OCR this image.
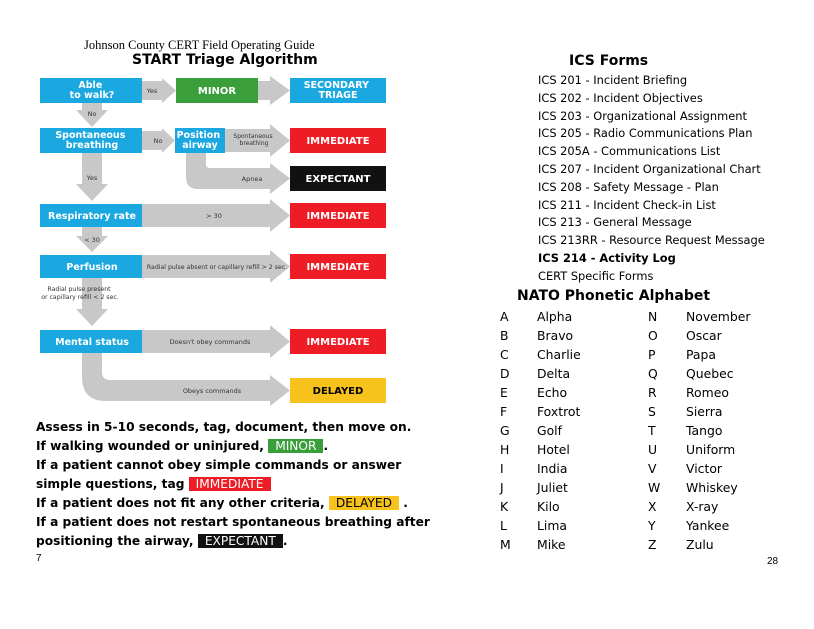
Johnson County CERT Field Operating Guide
START Triage Algorithm
Able to walk?
Spontaneous breathing
Position airway
Respiratory rate
Perfusion
Mental status
MINOR
SECONDARY TRIAGE
IMMEDIATE
EXPECTANT
IMMEDIATE
IMMEDIATE
IMMEDIATE
DELAYED
Yes
No
No
Spontaneous breathing
Yes	Apnea
> 30
< 30
Radial pulse absent or capillary refill > 2 sec.
Radial pulse present or capillary refill < 2 sec.
Doesn't obey commands
Obeys commands
Assess in 5-10 seconds, tag, document, then move on.
If walking wounded or uninjured, MINOR .
If a patient cannot obey simple commands or answer
simple questions, tag IMMEDIATE
If a patient does not fit any other criteria, DELAYED .
If a patient does not restart spontaneous breathing after
positioning the airway, EXPECTANT .
7
ICS Forms
ICS 201 - Incident Briefing
ICS 202 - Incident Objectives
ICS 203 - Organizational Assignment
ICS 205 - Radio Communications Plan
ICS 205A - Communications List
ICS 207 - Incident Organizational Chart
ICS 208 - Safety Message - Plan
ICS 211 - Incident Check-in List
ICS 213 - General Message
ICS 213RR - Resource Request Message
ICS 214 - Activity Log
CERT Specific Forms
NATO Phonetic Alphabet
A
B
C
D
E
F
G
H
I
J
K
L
M
Alpha
Bravo
Charlie
Delta
Echo
Foxtrot
Golf
Hotel
India
Juliet
Kilo
Lima
Mike
N
O
P
Q
R
S
T
U
V
W
X
Y
Z
November
Oscar
Papa
Quebec
Romeo
Sierra
Tango
Uniform
Victor
Whiskey
X-ray
Yankee
Zulu
28
